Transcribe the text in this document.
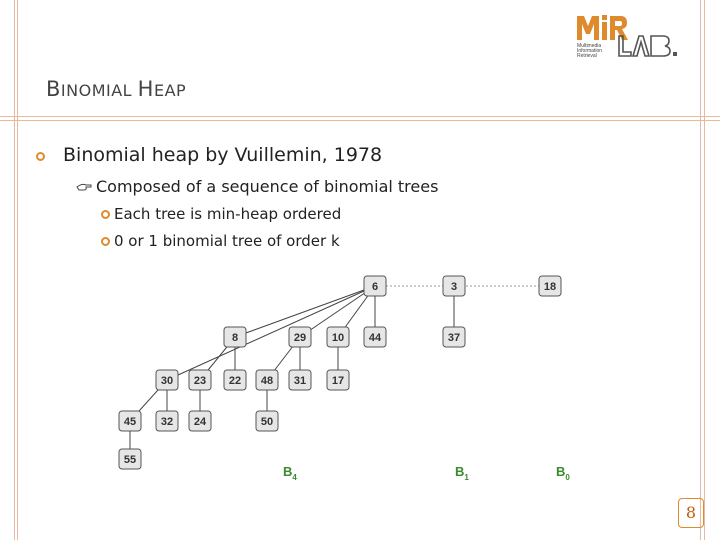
Multimedia
Information
Retrieval
BINOMIAL HEAP
Binomial heap by Vuillemin, 1978
Composed of a sequence of binomial trees
Each tree is min-heap ordered
0 or 1 binomial tree of order k
6	3	18
8	29 10 44	37
30 23 22 48 31 17
45 32 24	50
55
$B_4$	$B_1$	$B_0$
8
